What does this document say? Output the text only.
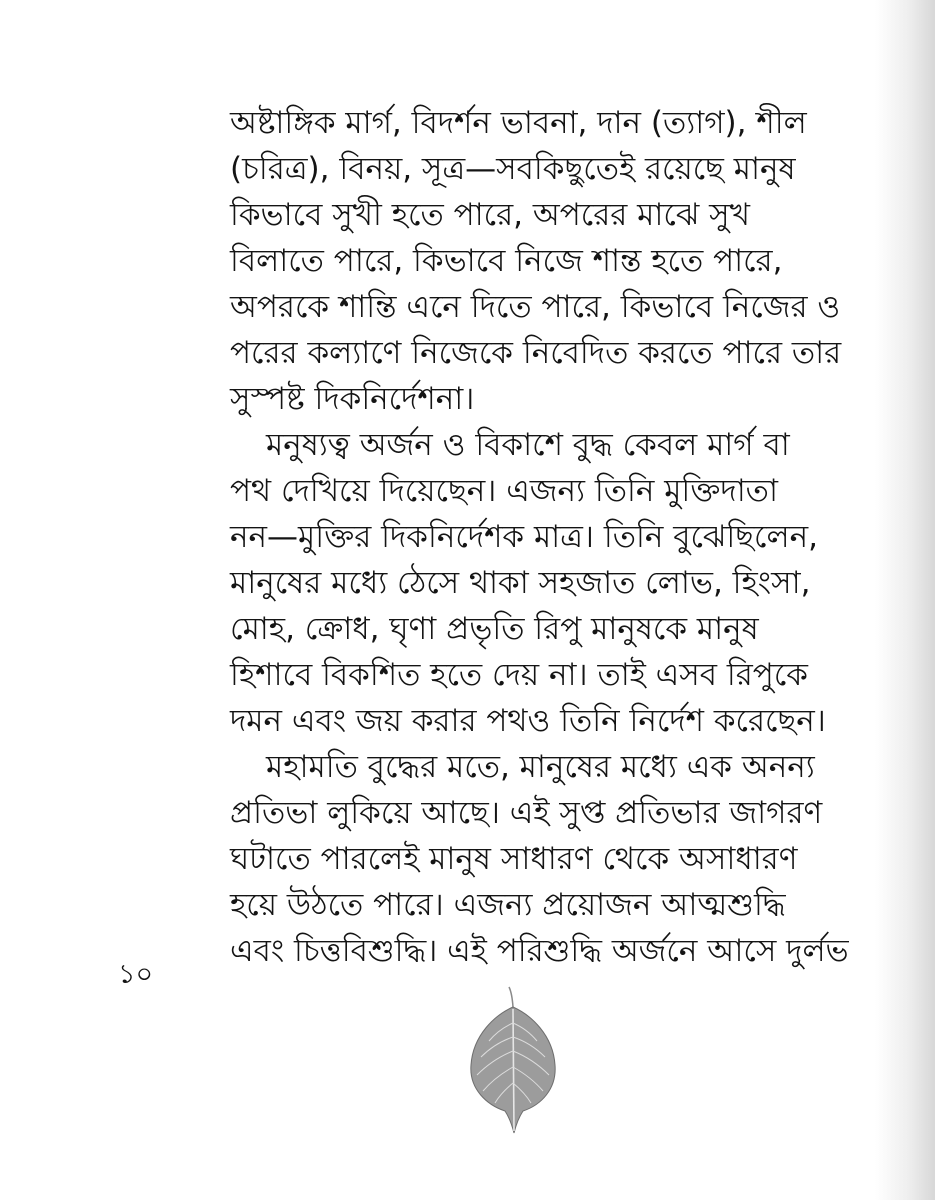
অষ্টাঙ্গিক মার্গ, বিদর্শন ভাবনা, দান (ত্যাগ), শীল
(চরিত্র), বিনয়, সূত্র—সবকিছুতেই রয়েছে মানুষ
কিভাবে সুখী হতে পারে, অপরের মাঝে সুখ
বিলাতে পারে, কিভাবে নিজে শান্ত হতে পারে,
অপরকে শান্তি এনে দিতে পারে, কিভাবে নিজের ও
পরের কল্যাণে নিজেকে নিবেদিত করতে পারে তার
সুস্পষ্ট দিকনির্দেশনা।
মনুষ্যত্ব অর্জন ও বিকাশে বুদ্ধ কেবল মার্গ বা
পথ দেখিয়ে দিয়েছেন। এজন্য তিনি মুক্তিদাতা
নন—মুক্তির দিকনির্দেশক মাত্র। তিনি বুঝেছিলেন,
মানুষের মধ্যে ঠেসে থাকা সহজাত লোভ, হিংসা,
মোহ, ক্রোধ, ঘৃণা প্রভৃতি রিপু মানুষকে মানুষ
হিশাবে বিকশিত হতে দেয় না। তাই এসব রিপুকে
দমন এবং জয় করার পথও তিনি নির্দেশ করেছেন।
মহামতি বুদ্ধের মতে, মানুষের মধ্যে এক অনন্য
প্রতিভা লুকিয়ে আছে। এই সুপ্ত প্রতিভার জাগরণ
ঘটাতে পারলেই মানুষ সাধারণ থেকে অসাধারণ
হয়ে উঠতে পারে। এজন্য প্রয়োজন আত্মশুদ্ধি
এবং চিত্তবিশুদ্ধি। এই পরিশুদ্ধি অর্জনে আসে দুর্লভ
১০
